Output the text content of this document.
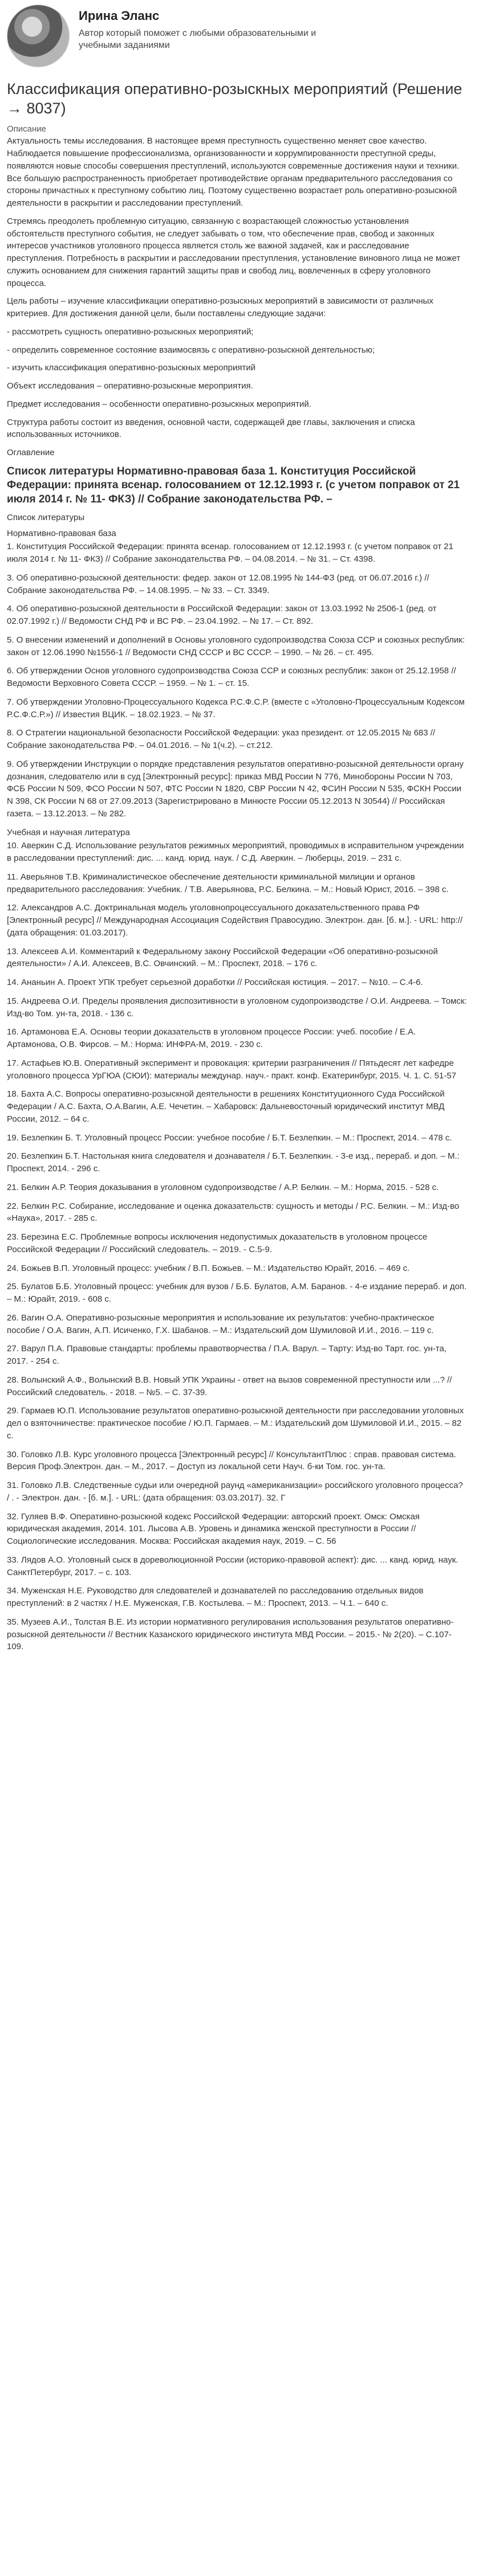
Ирина Эланс
Автор который поможет с любыми образовательными и учебными заданиями
Классификация оперативно-розыскных мероприятий (Решение → 8037)
Описание
Актуальность темы исследования. В настоящее время преступность существенно меняет свое качество. Наблюдается повышение профессионализма, организованности и коррумпированности преступной среды, появляются новые способы совершения преступлений, используются современные достижения науки и техники. Все большую распространенность приобретает противодействие органам предварительного расследования со стороны причастных к преступному событию лиц. Поэтому существенно возрастает роль оперативно-розыскной деятельности в раскрытии и расследовании преступлений.
Стремясь преодолеть проблемную ситуацию, связанную с возрастающей сложностью установления обстоятельств преступного события, не следует забывать о том, что обеспечение прав, свобод и законных интересов участников уголовного процесса является столь же важной задачей, как и расследование преступления. Потребность в раскрытии и расследовании преступления, установление виновного лица не может служить основанием для снижения гарантий защиты прав и свобод лиц, вовлеченных в сферу уголовного процесса.
Цель работы – изучение классификации оперативно-розыскных мероприятий в зависимости от различных критериев. Для достижения данной цели, были поставлены следующие задачи:
- рассмотреть сущность оперативно-розыскных мероприятий;
- определить современное состояние взаимосвязь с оперативно-розыскной деятельностью;
- изучить классификация оперативно-розыскных мероприятий
Объект исследования – оперативно-розыскные мероприятия.
Предмет исследования – особенности оперативно-розыскных мероприятий.
Структура работы состоит из введения, основной части, содержащей две главы, заключения и списка использованных источников.
Оглавление
Список литературы Нормативно-правовая база 1. Конституция Российской Федерации: принята всенар. голосованием от 12.12.1993 г. (с учетом поправок от 21 июля 2014 г. № 11- ФКЗ) // Собрание законодательства РФ. –
Список литературы
Нормативно-правовая база
1. Конституция Российской Федерации: принята всенар. голосованием от 12.12.1993 г. (с учетом поправок от 21 июля 2014 г. № 11- ФКЗ) // Собрание законодательства РФ. – 04.08.2014. – № 31. – Ст. 4398.
3. Об оперативно-розыскной деятельности: федер. закон от 12.08.1995 № 144-ФЗ (ред. от 06.07.2016 г.) // Собрание законодательства РФ. – 14.08.1995. – № 33. – Ст. 3349.
4. Об оперативно-розыскной деятельности в Российской Федерации: закон от 13.03.1992 № 2506-1 (ред. от 02.07.1992 г.) // Ведомости СНД РФ и ВС РФ. – 23.04.1992. – № 17. – Ст. 892.
5. О внесении изменений и дополнений в Основы уголовного судопроизводства Союза ССР и союзных республик: закон от 12.06.1990 №1556-1 // Ведомости СНД СССР и ВС СССР. – 1990. – № 26. – ст. 495.
6. Об утверждении Основ уголовного судопроизводства Союза ССР и союзных республик: закон от 25.12.1958 // Ведомости Верховного Совета СССР. – 1959. – № 1. – ст. 15.
7. Об утверждении Уголовно-Процессуального Кодекса Р.С.Ф.С.Р. (вместе с «Уголовно-Процессуальным Кодексом Р.С.Ф.С.Р.») // Известия ВЦИК. – 18.02.1923. – № 37.
8. О Стратегии национальной безопасности Российской Федерации: указ президент. от 12.05.2015 № 683 // Собрание законодательства РФ. – 04.01.2016. – № 1(ч.2). – ст.212.
9. Об утверждении Инструкции о порядке представления результатов оперативно-розыскной деятельности органу дознания, следователю или в суд [Электронный ресурс]: приказ МВД России N 776, Минобороны России N 703, ФСБ России N 509, ФСО России N 507, ФТС России N 1820, СВР России N 42, ФСИН России N 535, ФСКН России N 398, СК России N 68 от 27.09.2013 (Зарегистрировано в Минюсте России 05.12.2013 N 30544) // Российская газета. – 13.12.2013. – № 282.
Учебная и научная литература
10. Аверкин С.Д. Использование результатов режимных мероприятий, проводимых в исправительном учреждении в расследовании преступлений: дис. ... канд. юрид. наук. / С.Д. Аверкин. – Люберцы, 2019. – 231 с.
11. Аверьянов Т.В. Криминалистическое обеспечение деятельности криминальной милиции и органов предварительного расследования: Учебник. / Т.В. Аверьянова, Р.С. Белкина. – М.: Новый Юрист, 2016. – 398 с.
12. Александров А.С. Доктринальная модель уголовнопроцессуального доказательственного права РФ [Электронный ресурс] // Международная Ассоциация Содействия Правосудию. Электрон. дан. [б. м.]. - URL: http:// (дата обращения: 01.03.2017).
13. Алексеев А.И. Комментарий к Федеральному закону Российской Федерации «Об оперативно-розыскной деятельности» / А.И. Алексеев, В.С. Овчинский. – М.: Проспект, 2018. – 176 с.
14. Ананьин А. Проект УПК требует серьезной доработки // Российская юстиция. – 2017. – №10. – С.4-6.
15. Андреева О.И. Пределы проявления диспозитивности в уголовном судопроизводстве / О.И. Андреева. – Томск: Изд-во Том. ун-та, 2018. - 136 с.
16. Артамонова Е.А. Основы теории доказательств в уголовном процессе России: учеб. пособие / Е.А. Артамонова, О.В. Фирсов. – М.: Норма: ИНФРА-М, 2019. - 230 с.
17. Астафьев Ю.В. Оперативный эксперимент и провокация: критерии разграничения // Пятьдесят лет кафедре уголовного процесса УрГЮА (СЮИ): материалы междунар. науч.- практ. конф. Екатеринбург, 2015. Ч. 1. С. 51-57
18. Бахта А.С. Вопросы оперативно-розыскной деятельности в решениях Конституционного Суда Российской Федерации / А.С. Бахта, О.А.Вагин, А.Е. Чечетин. – Хабаровск: Дальневосточный юридический институт МВД России, 2012. – 64 с.
19. Безлепкин Б. Т. Уголовный процесс России: учебное пособие / Б.Т. Безлепкин. – М.: Проспект, 2014. – 478 с.
20. Безлепкин Б.Т. Настольная книга следователя и дознавателя / Б.Т. Безлепкин. - 3-е изд., перераб. и доп. – М.: Проспект, 2014. - 296 с.
21. Белкин А.Р. Теория доказывания в уголовном судопроизводстве / А.Р. Белкин. – М.: Норма, 2015. - 528 с.
22. Белкин Р.С. Собирание, исследование и оценка доказательств: сущность и методы / Р.С. Белкин. – М.: Изд-во «Наука», 2017. - 285 с.
23. Березина Е.С. Проблемные вопросы исключения недопустимых доказательств в уголовном процессе Российской Федерации // Российский следователь. – 2019. - С.5-9.
24. Божьев В.П. Уголовный процесс: учебник / В.П. Божьев. – М.: Издательство Юрайт, 2016. – 469 с.
25. Булатов Б.Б. Уголовный процесс: учебник для вузов / Б.Б. Булатов, А.М. Баранов. - 4-е издание перераб. и доп. – М.: Юрайт, 2019. - 608 с.
26. Вагин О.А. Оперативно-розыскные мероприятия и использование их результатов: учебно-практическое пособие / О.А. Вагин, А.П. Исиченко, Г.Х. Шабанов. – М.: Издательский дом Шумиловой И.И., 2016. – 119 с.
27. Варул П.А. Правовые стандарты: проблемы правотворчества / П.А. Варул. – Тарту: Изд-во Тарт. гос. ун-та, 2017. - 254 с.
28. Волынский А.Ф., Волынский В.В. Новый УПК Украины - ответ на вызов современной преступности или ...? // Российский следователь. - 2018. – №5. – С. 37-39.
29. Гармаев Ю.П. Использование результатов оперативно-розыскной деятельности при расследовании уголовных дел о взяточничестве: практическое пособие / Ю.П. Гармаев. – М.: Издательский дом Шумиловой И.И., 2015. – 82 с.
30. Головко Л.В. Курс уголовного процесса [Электронный ресурс] // КонсультантПлюс : справ. правовая система. Версия Проф.Электрон. дан. – М., 2017. – Доступ из локальной сети Науч. б-ки Том. гос. ун-та.
31. Головко Л.В. Следственные судьи или очередной раунд «американизации» российского уголовного процесса? / . - Электрон. дан. - [б. м.]. - URL: (дата обращения: 03.03.2017). 32. Г
32. Гуляев В.Ф. Оперативно-розыскной кодекс Российской Федерации: авторский проект. Омск: Омская юридическая академия, 2014. 101. Лысова А.В. Уровень и динамика женской преступности в России // Социологические исследования. Москва: Российская академия наук, 2019. – С. 56
33. Лядов А.О. Уголовный сыск в дореволюционной России (историко-правовой аспект): дис. ... канд. юрид. наук. СанктПетербург, 2017. – с. 103.
34. Муженская Н.Е. Руководство для следователей и дознавателей по расследованию отдельных видов преступлений: в 2 частях / Н.Е. Муженская, Г.В. Костылева. – М.: Проспект, 2013. – Ч.1. – 640 с.
35. Музеев А.И., Толстая В.Е. Из истории нормативного регулирования использования результатов оперативно-розыскной деятельности // Вестник Казанского юридического института МВД России. – 2015.- № 2(20). – С.107-109.
